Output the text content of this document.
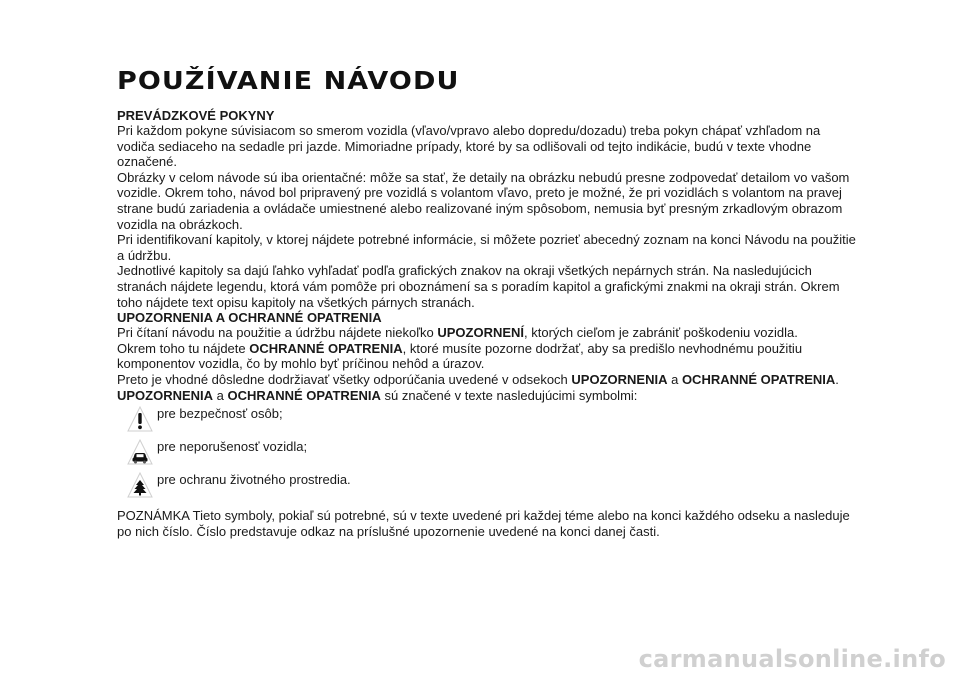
POUŽÍVANIE NÁVODU
PREVÁDZKOVÉ POKYNY

Pri každom pokyne súvisiacom so smerom vozidla (vľavo/vpravo alebo dopredu/dozadu) treba pokyn chápať vzhľadom na vodiča sediaceho na sedadle pri jazde. Mimoriadne prípady, ktoré by sa odlišovali od tejto indikácie, budú v texte vhodne označené.

Obrázky v celom návode sú iba orientačné: môže sa stať, že detaily na obrázku nebudú presne zodpovedať detailom vo vašom vozidle. Okrem toho, návod bol pripravený pre vozidlá s volantom vľavo, preto je možné, že pri vozidlách s volantom na pravej strane budú zariadenia a ovládače umiestnené alebo realizované iným spôsobom, nemusia byť presným zrkadlovým obrazom vozidla na obrázkoch.

Pri identifikovaní kapitoly, v ktorej nájdete potrebné informácie, si môžete pozrieť abecedný zoznam na konci Návodu na použitie a údržbu.

Jednotlivé kapitoly sa dajú ľahko vyhľadať podľa grafických znakov na okraji všetkých nepárnych strán. Na nasledujúcich stranách nájdete legendu, ktorá vám pomôže pri oboznámení sa s poradím kapitol a grafickými znakmi na okraji strán. Okrem toho nájdete text opisu kapitoly na všetkých párnych stranách.

UPOZORNENIA A OCHRANNÉ OPATRENIA

Pri čítaní návodu na použitie a údržbu nájdete niekoľko UPOZORNENÍ, ktorých cieľom je zabrániť poškodeniu vozidla.

Okrem toho tu nájdete OCHRANNÉ OPATRENIA, ktoré musíte pozorne dodržať, aby sa predišlo nevhodnému použitiu komponentov vozidla, čo by mohlo byť príčinou nehôd a úrazov.

Preto je vhodné dôsledne dodržiavať všetky odporúčania uvedené v odsekoch UPOZORNENIA a OCHRANNÉ OPATRENIA.

UPOZORNENIA a OCHRANNÉ OPATRENIA sú značené v texte nasledujúcimi symbolmi:

pre bezpečnosť osôb;
pre neporušenosť vozidla;
pre ochranu životného prostredia.

POZNÁMKA Tieto symboly, pokiaľ sú potrebné, sú v texte uvedené pri každej téme alebo na konci každého odseku a nasleduje po nich číslo. Číslo predstavuje odkaz na príslušné upozornenie uvedené na konci danej časti.

carmanualsonline.info
